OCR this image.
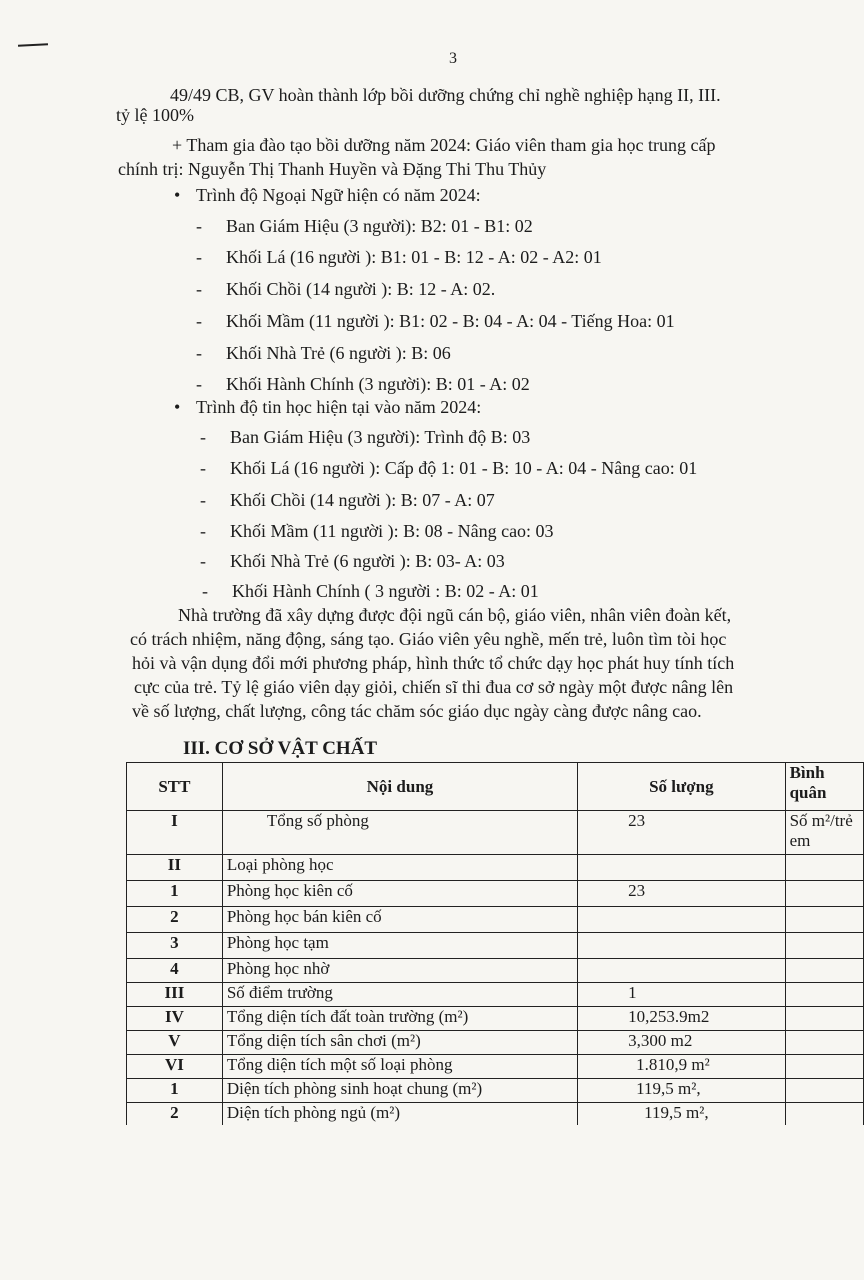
3
49/49 CB, GV hoàn thành lớp bồi dưỡng chứng chỉ nghề nghiệp hạng II, III.
tỷ lệ 100%
+ Tham gia đào tạo bồi dưỡng năm 2024: Giáo viên tham gia học trung cấp
chính trị: Nguyễn Thị Thanh Huyền và Đặng Thi Thu Thủy
• Trình độ Ngoại Ngữ hiện có năm 2024:
- Ban Giám Hiệu (3 người): B2: 01 - B1: 02
- Khối Lá (16 người ): B1: 01 - B: 12 - A: 02 - A2: 01
- Khối Chồi (14 người ): B: 12 - A: 02.
- Khối Mầm (11 người ): B1: 02 - B: 04 - A: 04 - Tiếng Hoa: 01
- Khối Nhà Trẻ (6 người ): B: 06
- Khối Hành Chính (3 người): B: 01 - A: 02
• Trình độ tin học hiện tại vào năm 2024:
- Ban Giám Hiệu (3 người): Trình độ B: 03
- Khối Lá (16 người ): Cấp độ 1: 01 - B: 10 - A: 04 - Nâng cao: 01
- Khối Chồi (14 người ): B: 07 - A: 07
- Khối Mầm (11 người ): B: 08 - Nâng cao: 03
- Khối Nhà Trẻ (6 người ): B: 03- A: 03
- Khối Hành Chính ( 3 người : B: 02 - A: 01
Nhà trường đã xây dựng được đội ngũ cán bộ, giáo viên, nhân viên đoàn kết,
có trách nhiệm, năng động, sáng tạo. Giáo viên yêu nghề, mến trẻ, luôn tìm tòi học
hỏi và vận dụng đổi mới phương pháp, hình thức tổ chức dạy học phát huy tính tích
cực của trẻ. Tỷ lệ giáo viên dạy giỏi, chiến sĩ thi đua cơ sở ngày một được nâng lên
về số lượng, chất lượng, công tác chăm sóc giáo dục ngày càng được nâng cao.
III. CƠ SỞ VẬT CHẤT
STT	Nội dung	Số lượng	Bình quân
I	Tổng số phòng	23	Số m²/trẻ em
II	Loại phòng học		
1	Phòng học kiên cố	23	
2	Phòng học bán kiên cố		
3	Phòng học tạm		
4	Phòng học nhờ		
III	Số điểm trường	1	
IV	Tổng diện tích đất toàn trường (m²)	10,253.9m2	
V	Tổng diện tích sân chơi (m²)	3,300 m2	
VI	Tổng diện tích một số loại phòng	1.810,9 m²	
1	Diện tích phòng sinh hoạt chung (m²)	119,5 m²,	
2	Diện tích phòng ngủ (m²)	119,5 m²,	
